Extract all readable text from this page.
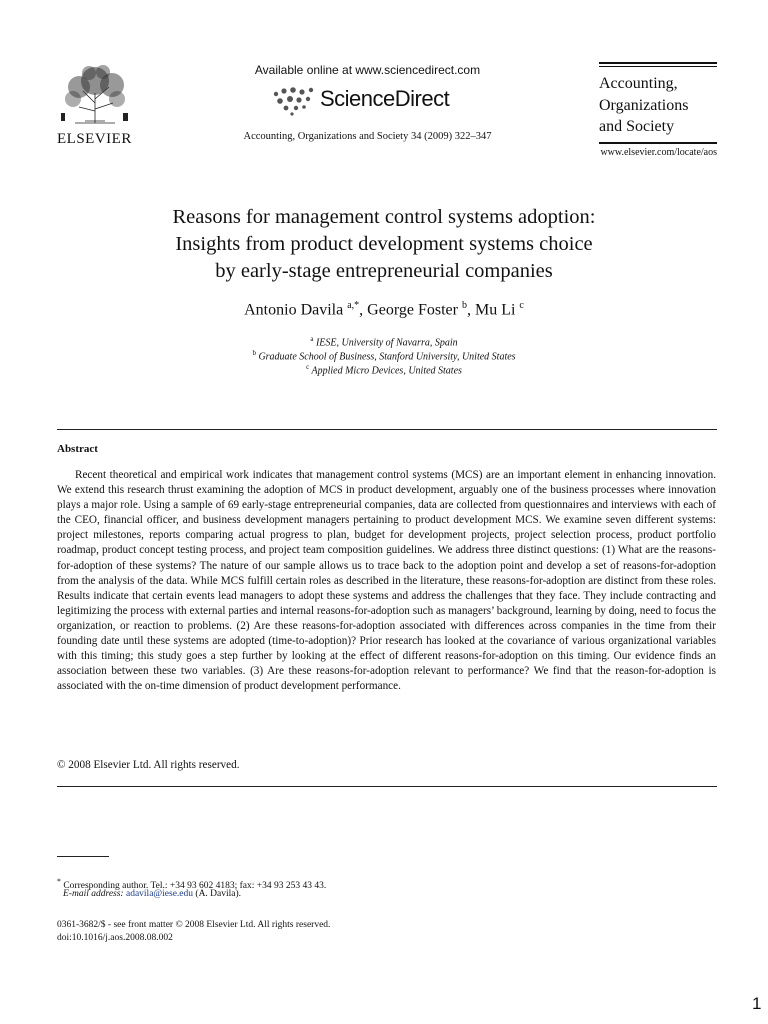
ELSEVIER
Available online at www.sciencedirect.com
ScienceDirect
Accounting, Organizations and Society 34 (2009) 322–347
Accounting,
Organizations
and Society
www.elsevier.com/locate/aos
Reasons for management control systems adoption:
Insights from product development systems choice
by early-stage entrepreneurial companies
Antonio Davila $^{a,*}$, George Foster $^b$, Mu Li $^c$
$^a$ IESE, University of Navarra, Spain
$^b$ Graduate School of Business, Stanford University, United States
$^c$ Applied Micro Devices, United States
Abstract

Recent theoretical and empirical work indicates that management control systems (MCS) are an important element in enhancing innovation. We extend this research thrust examining the adoption of MCS in product development, arguably one of the business processes where innovation plays a major role. Using a sample of 69 early-stage entrepreneurial companies, data are collected from questionnaires and interviews with each of the CEO, financial officer, and business development managers pertaining to product development MCS. We examine seven different systems: project milestones, reports comparing actual progress to plan, budget for development projects, project selection process, product portfolio roadmap, product concept testing process, and project team composition guidelines. We address three distinct questions: (1) What are the reasons-for-adoption of these systems? The nature of our sample allows us to trace back to the adoption point and develop a set of reasons-for-adoption from the analysis of the data. While MCS fulfill certain roles as described in the literature, these reasons-for-adoption are distinct from these roles. Results indicate that certain events lead managers to adopt these systems and address the challenges that they face. They include contracting and legitimizing the process with external parties and internal reasons-for-adoption such as managers’ background, learning by doing, need to focus the organization, or reaction to problems. (2) Are these reasons-for-adoption associated with differences across companies in the time from their founding date until these systems are adopted (time-to-adoption)? Prior research has looked at the covariance of various organizational variables with this timing; this study goes a step further by looking at the effect of different reasons-for-adoption on this timing. Our evidence finds an association between these two variables. (3) Are these reasons-for-adoption relevant to performance? We find that the reason-for-adoption is associated with the on-time dimension of product development performance.

© 2008 Elsevier Ltd. All rights reserved.
* Corresponding author. Tel.: +34 93 602 4183; fax: +34 93 253 43 43.
E-mail address: adavila@iese.edu (A. Davila).
0361-3682/$ - see front matter © 2008 Elsevier Ltd. All rights reserved.
doi:10.1016/j.aos.2008.08.002
1
